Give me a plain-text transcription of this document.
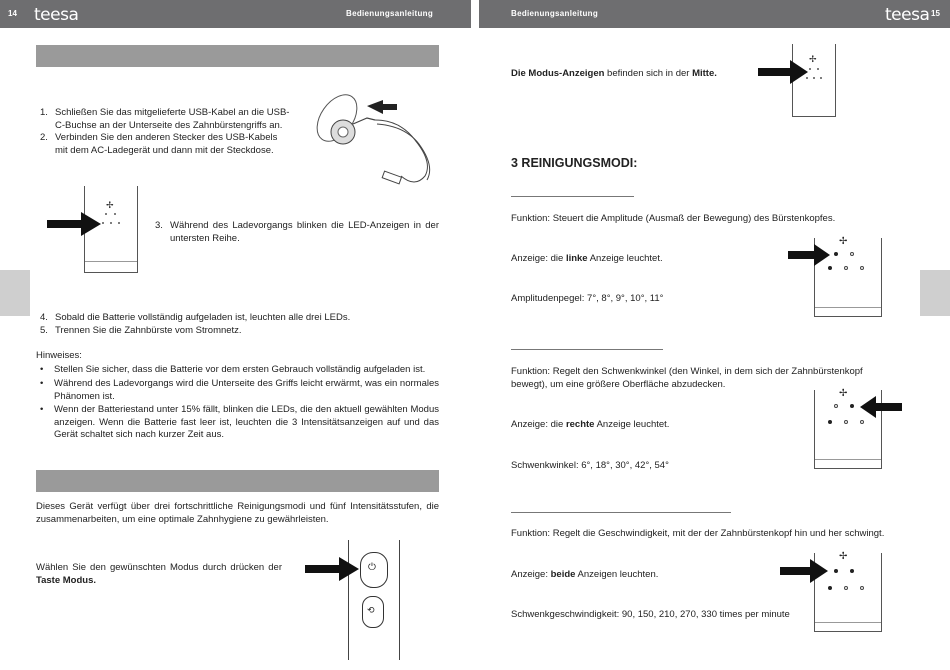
14 teesa	Bedienungsanleitung	Bedienungsanleitung	teesa 15
1. Schließen Sie das mitgelieferte USB-Kabel an die USB-C-Buchse an der Unterseite des Zahnbürstengriffs an.
2. Verbinden Sie den anderen Stecker des USB-Kabels mit dem AC-Ladegerät und dann mit der Steckdose.
✢
3. Während des Ladevorgangs blinken die LED-Anzeigen in der untersten Reihe.
4. Sobald die Batterie vollständig aufgeladen ist, leuchten alle drei LEDs.
5. Trennen Sie die Zahnbürste vom Stromnetz.
Hinweises:
• Stellen Sie sicher, dass die Batterie vor dem ersten Gebrauch vollständig aufgeladen ist.
• Während des Ladevorgangs wird die Unterseite des Griffs leicht erwärmt, was ein normales Phänomen ist.
• Wenn der Batteriestand unter 15% fällt, blinken die LEDs, die den aktuell gewählten Modus anzeigen. Wenn die Batterie fast leer ist, leuchten die 3 Intensitätsanzeigen auf und das Gerät schaltet sich nach kurzer Zeit aus.
Dieses Gerät verfügt über drei fortschrittliche Reinigungsmodi und fünf Intensitätsstufen, die zusammenarbeiten, um eine optimale Zahnhygiene zu gewährleisten.
Wählen Sie den gewünschten Modus durch drücken der Taste Modus.
⏻
⟲
Die Modus-Anzeigen befinden sich in der Mitte.
✢
3 REINIGUNGSMODI:
Funktion: Steuert die Amplitude (Ausmaß der Bewegung) des Bürstenkopfes.
Anzeige: die linke Anzeige leuchtet.
Amplitudenpegel: 7°, 8°, 9°, 10°, 11°
✢
Funktion: Regelt den Schwenkwinkel (den Winkel, in dem sich der Zahnbürstenkopf bewegt), um eine größere Oberfläche abzudecken.
Anzeige: die rechte Anzeige leuchtet.
Schwenkwinkel: 6°, 18°, 30°, 42°, 54°
✢
Funktion: Regelt die Geschwindigkeit, mit der der Zahnbürstenkopf hin und her schwingt.
Anzeige: beide Anzeigen leuchten.
Schwenkgeschwindigkeit: 90, 150, 210, 270, 330 times per minute
✢
